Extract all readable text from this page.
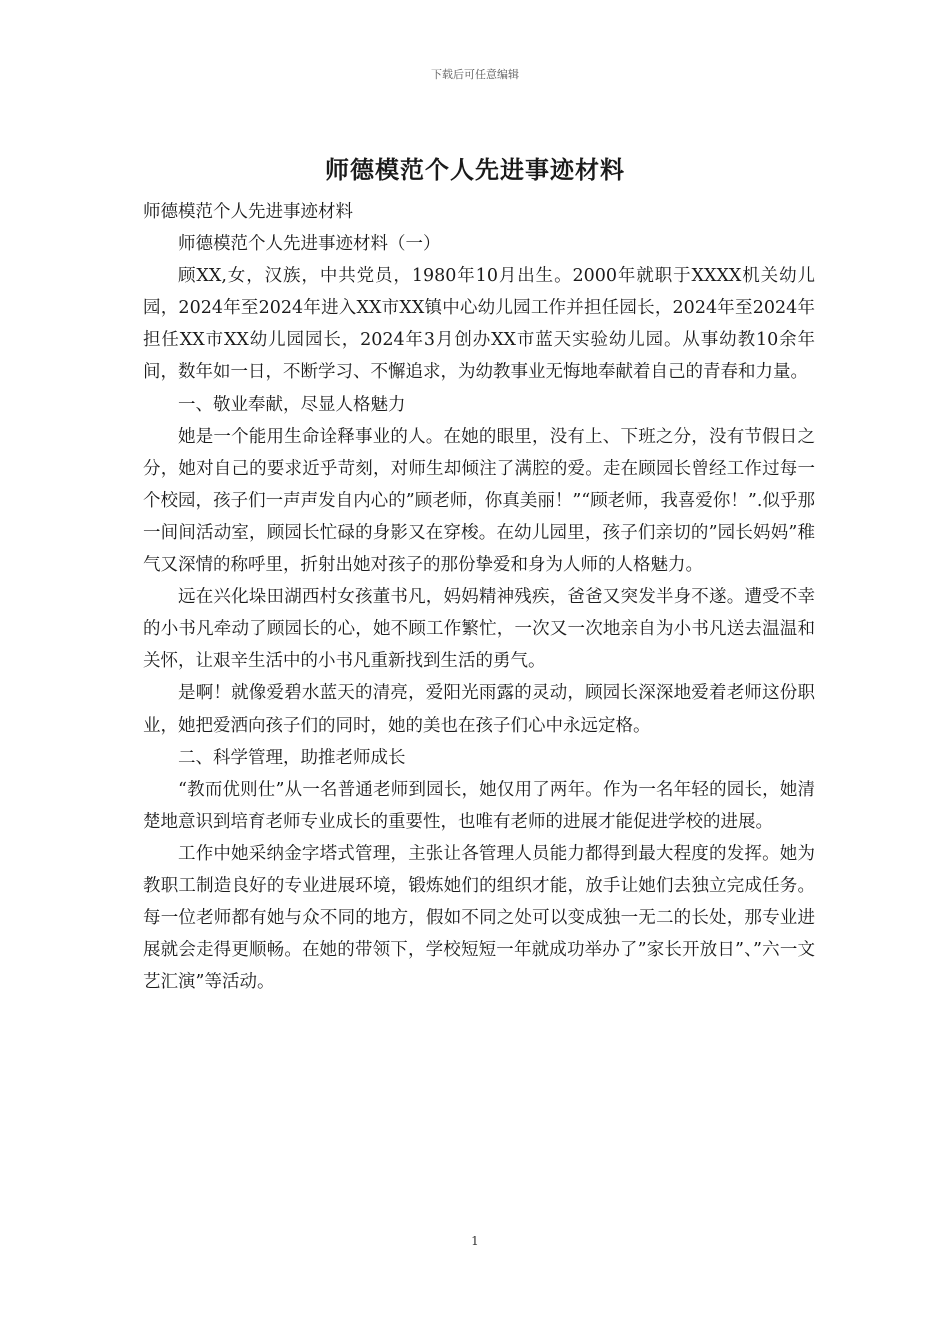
下载后可任意编辑
师德模范个人先进事迹材料

师德模范个人先进事迹材料

师德模范个人先进事迹材料（一）

顾XX,女，汉族，中共党员，1980年10月出生。2000年就职于XXXX机关幼儿园，2024年至2024年进入XX市XX镇中心幼儿园工作并担任园长，2024年至2024年担任XX市XX幼儿园园长，2024年3月创办XX市蓝天实验幼儿园。从事幼教10余年间，数年如一日，不断学习、不懈追求，为幼教事业无悔地奉献着自己的青春和力量。

一、敬业奉献，尽显人格魅力

她是一个能用生命诠释事业的人。在她的眼里，没有上、下班之分，没有节假日之分，她对自己的要求近乎苛刻，对师生却倾注了满腔的爱。走在顾园长曾经工作过每一个校园，孩子们一声声发自内心的”顾老师，你真美丽！”“顾老师，我喜爱你！”.似乎那一间间活动室，顾园长忙碌的身影又在穿梭。在幼儿园里，孩子们亲切的”园长妈妈”稚气又深情的称呼里，折射出她对孩子的那份挚爱和身为人师的人格魅力。

远在兴化垛田湖西村女孩董书凡，妈妈精神残疾，爸爸又突发半身不遂。遭受不幸的小书凡牵动了顾园长的心，她不顾工作繁忙，一次又一次地亲自为小书凡送去温温和关怀，让艰辛生活中的小书凡重新找到生活的勇气。

是啊！就像爱碧水蓝天的清亮，爱阳光雨露的灵动，顾园长深深地爱着老师这份职业，她把爱洒向孩子们的同时，她的美也在孩子们心中永远定格。

二、科学管理，助推老师成长

“教而优则仕”从一名普通老师到园长，她仅用了两年。作为一名年轻的园长，她清楚地意识到培育老师专业成长的重要性，也唯有老师的进展才能促进学校的进展。

工作中她采纳金字塔式管理，主张让各管理人员能力都得到最大程度的发挥。她为教职工制造良好的专业进展环境，锻炼她们的组织才能，放手让她们去独立完成任务。每一位老师都有她与众不同的地方，假如不同之处可以变成独一无二的长处，那专业进展就会走得更顺畅。在她的带领下，学校短短一年就成功举办了”家长开放日”、”六一文艺汇演”等活动。

1
